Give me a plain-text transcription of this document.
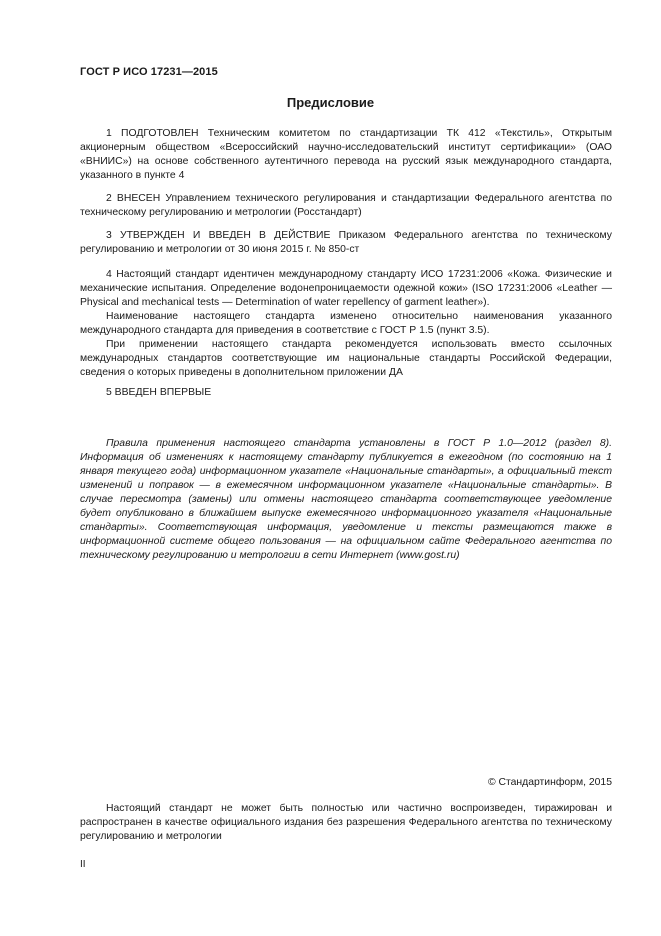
ГОСТ Р ИСО 17231—2015
Предисловие

1 ПОДГОТОВЛЕН Техническим комитетом по стандартизации ТК 412 «Текстиль», Открытым акционерным обществом «Всероссийский научно-исследовательский институт сертификации» (ОАО «ВНИИС») на основе собственного аутентичного перевода на русский язык международного стандарта, указанного в пункте 4

2 ВНЕСЕН Управлением технического регулирования и стандартизации Федерального агентства по техническому регулированию и метрологии (Росстандарт)

3 УТВЕРЖДЕН И ВВЕДЕН В ДЕЙСТВИЕ Приказом Федерального агентства по техническому регулированию и метрологии от 30 июня 2015 г. № 850-ст

4 Настоящий стандарт идентичен международному стандарту ИСО 17231:2006 «Кожа. Физические и механические испытания. Определение водонепроницаемости одежной кожи» (ISO 17231:2006 «Leather — Physical and mechanical tests — Determination of water repellency of garment leather»).

Наименование настоящего стандарта изменено относительно наименования указанного международного стандарта для приведения в соответствие с ГОСТ Р 1.5 (пункт 3.5).

При применении настоящего стандарта рекомендуется использовать вместо ссылочных международных стандартов соответствующие им национальные стандарты Российской Федерации, сведения о которых приведены в дополнительном приложении ДА

5 ВВЕДЕН ВПЕРВЫЕ

Правила применения настоящего стандарта установлены в ГОСТ Р 1.0—2012 (раздел 8). Информация об изменениях к настоящему стандарту публикуется в ежегодном (по состоянию на 1 января текущего года) информационном указателе «Национальные стандарты», а официальный текст изменений и поправок — в ежемесячном информационном указателе «Национальные стандарты». В случае пересмотра (замены) или отмены настоящего стандарта соответствующее уведомление будет опубликовано в ближайшем выпуске ежемесячного информационного указателя «Национальные стандарты». Соответствующая информация, уведомление и тексты размещаются также в информационной системе общего пользования — на официальном сайте Федерального агентства по техническому регулированию и метрологии в сети Интернет (www.gost.ru)

© Стандартинформ, 2015

Настоящий стандарт не может быть полностью или частично воспроизведен, тиражирован и распространен в качестве официального издания без разрешения Федерального агентства по техническому регулированию и метрологии

II
